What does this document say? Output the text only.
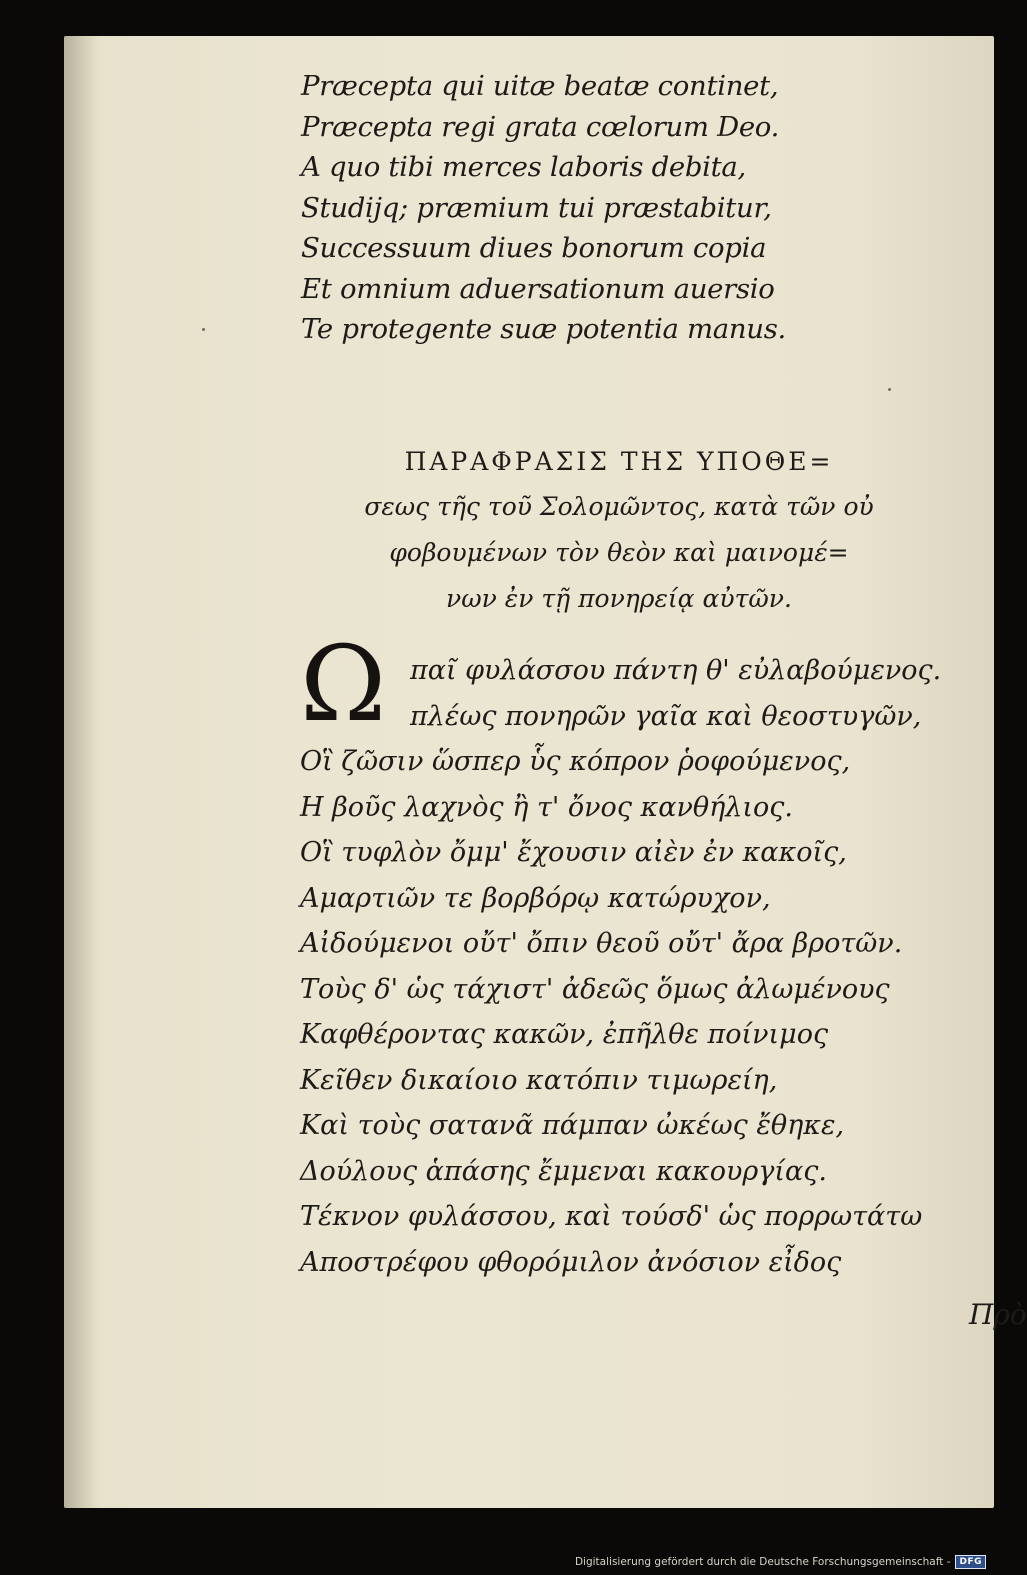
Præcepta qui uitæ beatæ continet,
Præcepta regi grata cœlorum Deo.
A quo tibi merces laboris debita,
Studijq; præmium tui præstabitur,
Successuum diues bonorum copia
Et omnium aduersationum auersio
Te protegente suæ potentia manus.
ΠΑΡΑΦΡΑΣΙΣ ΤΗΣ ΥΠΟΘΕ=
σεως τῆς τοῦ Σολομῶντος, κατὰ τῶν οὐ
φοβουμένων τὸν θεὸν καὶ μαινομέ=
νων ἐν τῇ πονηρείᾳ αὐτῶν.
Ω παῖ φυλάσσου πάντη θ' εὐλαβούμενος.
πλέως πονηρῶν γαῖα καὶ θεοστυγῶν,
Οἳ ζῶσιν ὥσπερ ὗς κόπρον ῥοφούμενος,
Η βοῦς λαχνὸς ἢ τ' ὄνος κανθήλιος.
Οἳ τυφλὸν ὄμμ' ἔχουσιν αἰὲν ἐν κακοῖς,
Αμαρτιῶν τε βορβόρῳ κατώρυχον,
Αἰδούμενοι οὔτ' ὄπιν θεοῦ οὔτ' ἄρα βροτῶν.
Τοὺς δ' ὡς τάχιστ' ἀδεῶς ὅμως ἀλωμένους
Καφθέροντας κακῶν, ἐπῆλθε ποίνιμος
Κεῖθεν δικαίοιο κατόπιν τιμωρείη,
Καὶ τοὺς σατανᾶ πάμπαν ὠκέως ἔθηκε,
Δούλους ἁπάσης ἔμμεναι κακουργίας.
Τέκνον φυλάσσου, καὶ τούσδ' ὡς πορρωτάτω
Αποστρέφου φθορόμιλον ἀνόσιον εἶδος
Πρὸ
Digitalisierung gefördert durch die Deutsche Forschungsgemeinschaft -	DFG
